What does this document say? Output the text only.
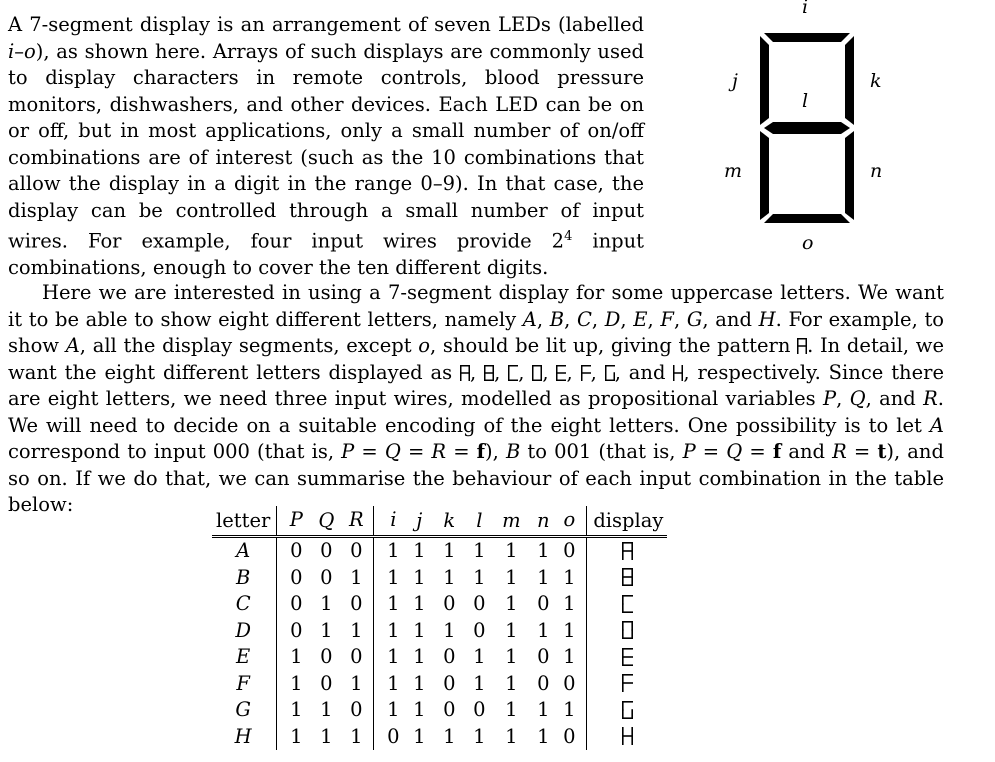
A 7-segment display is an arrangement of seven LEDs (labelled i–o), as shown here. Arrays of such displays are commonly used to display characters in remote controls, blood pressure monitors, dishwashers, and other devices. Each LED can be on or off, but in most applications, only a small number of on/off combinations are of interest (such as the 10 combinations that allow the display in a digit in the range 0–9). In that case, the display can be controlled through a small number of input wires. For example, four input wires provide $2^4$ input combinations, enough to cover the ten different digits.
i
j	k
l
m	n
o
Here we are interested in using a 7-segment display for some uppercase letters. We want it to be able to show eight different letters, namely A, B, C, D, E, F, G, and H. For example, to show A, all the display segments, except o, should be lit up, giving the pattern
. In detail, we want the eight different letters displayed as
,
,
,
,
,
,
, and
, respectively. Since there are eight letters, we need three input wires, modelled as propositional variables P, Q, and R. We will need to decide on a suitable encoding of the eight letters. One possibility is to let A correspond to input 000 (that is, P = Q = R = f), B to 001 (that is, P = Q = f and R = t), and so on. If we do that, we can summarise the behaviour of each input combination in the table below:
letter	P	Q	R	i	j	k	l	m	n	o	display
A	0	0	0	1	1	1	1	1	1	0	

B	0	0	1	1	1	1	1	1	1	1	

C	0	1	0	1	1	0	0	1	0	1	

D	0	1	1	1	1	1	0	1	1	1	

E	1	0	0	1	1	0	1	1	0	1	

F	1	0	1	1	1	0	1	1	0	0	

G	1	1	0	1	1	0	0	1	1	1	

H	1	1	1	0	1	1	1	1	1	0	
